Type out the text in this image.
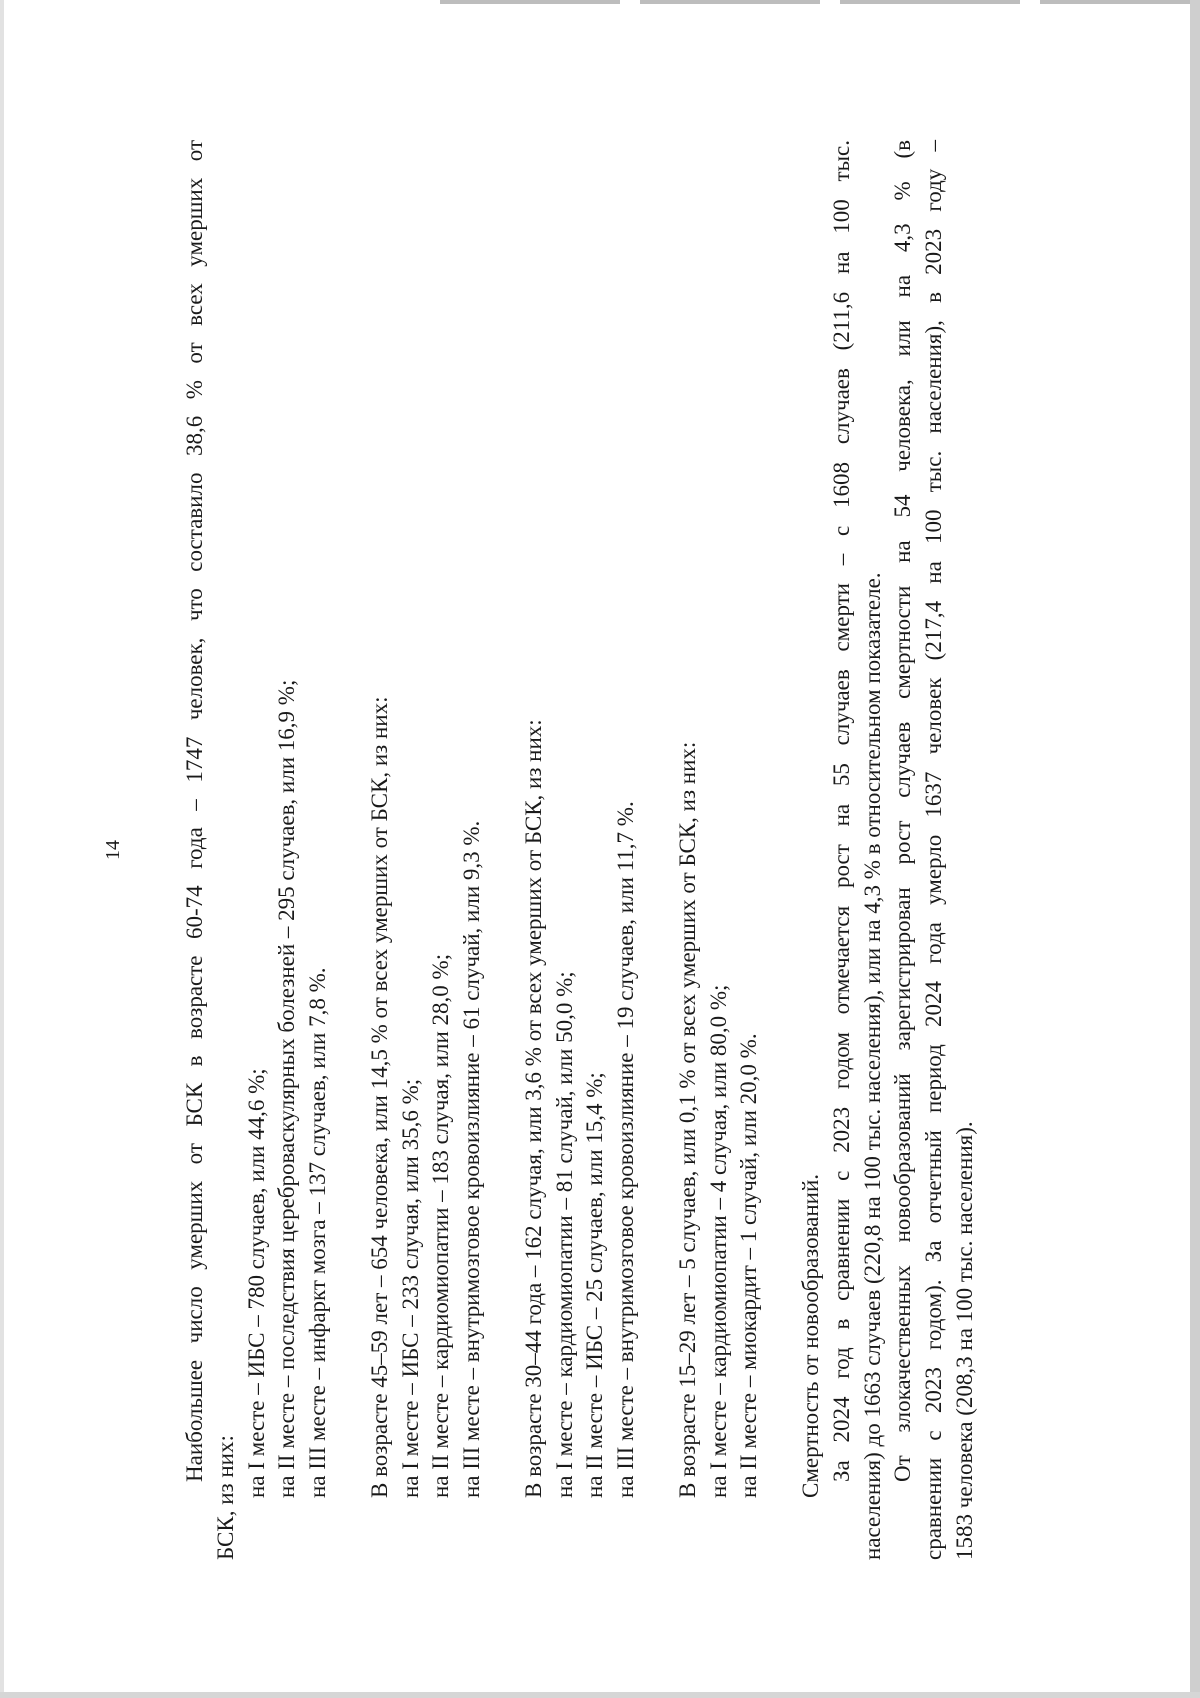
14	Наибольшее число умерших от БСК в возрасте 60-74 года – 1747 человек, что составило 38,6 % от всех умерших от
БСК, из них: на I месте – ИБС – 780 случаев, или 44,6 %; на II месте – последствия цереброваскулярных болезней – 295 случаев, или 16,9 %; на III месте – инфаркт мозга – 137 случаев, или 7,8 %. В возрасте 45–59 лет – 654 человека, или 14,5 % от всех умерших от БСК, из них: на I месте – ИБС – 233 случая, или 35,6 %; на II месте – кардиомиопатии – 183 случая, или 28,0 %; на III месте – внутримозговое кровоизлияние – 61 случай, или 9,3 %. В возрасте 30–44 года – 162 случая, или 3,6 % от всех умерших от БСК, из них: на I месте – кардиомиопатии – 81 случай, или 50,0 %; на II месте – ИБС – 25 случаев, или 15,4 %; на III месте – внутримозговое кровоизлияние – 19 случаев, или 11,7 %. В возрасте 15–29 лет – 5 случаев, или 0,1 % от всех умерших от БСК, из них: на I месте – кардиомиопатии – 4 случая, или 80,0 %; на II месте – миокардит – 1 случай, или 20,0 %. Смертность от новообразований. За 2024 год в сравнении с 2023 годом отмечается рост на 55 случаев смерти – с 1608 случаев (211,6 на 100 тыс. населения) до 1663 случаев (220,8 на 100 тыс. населения), или на 4,3 % в относительном показателе. От злокачественных новообразований зарегистрирован рост случаев смертности на 54 человека, или на 4,3 % (в сравнении с 2023 годом). За отчетный период 2024 года умерло 1637 человек (217,4 на 100 тыс. населения), в 2023 году – 1583 человека (208,3 на 100 тыс. населения).
